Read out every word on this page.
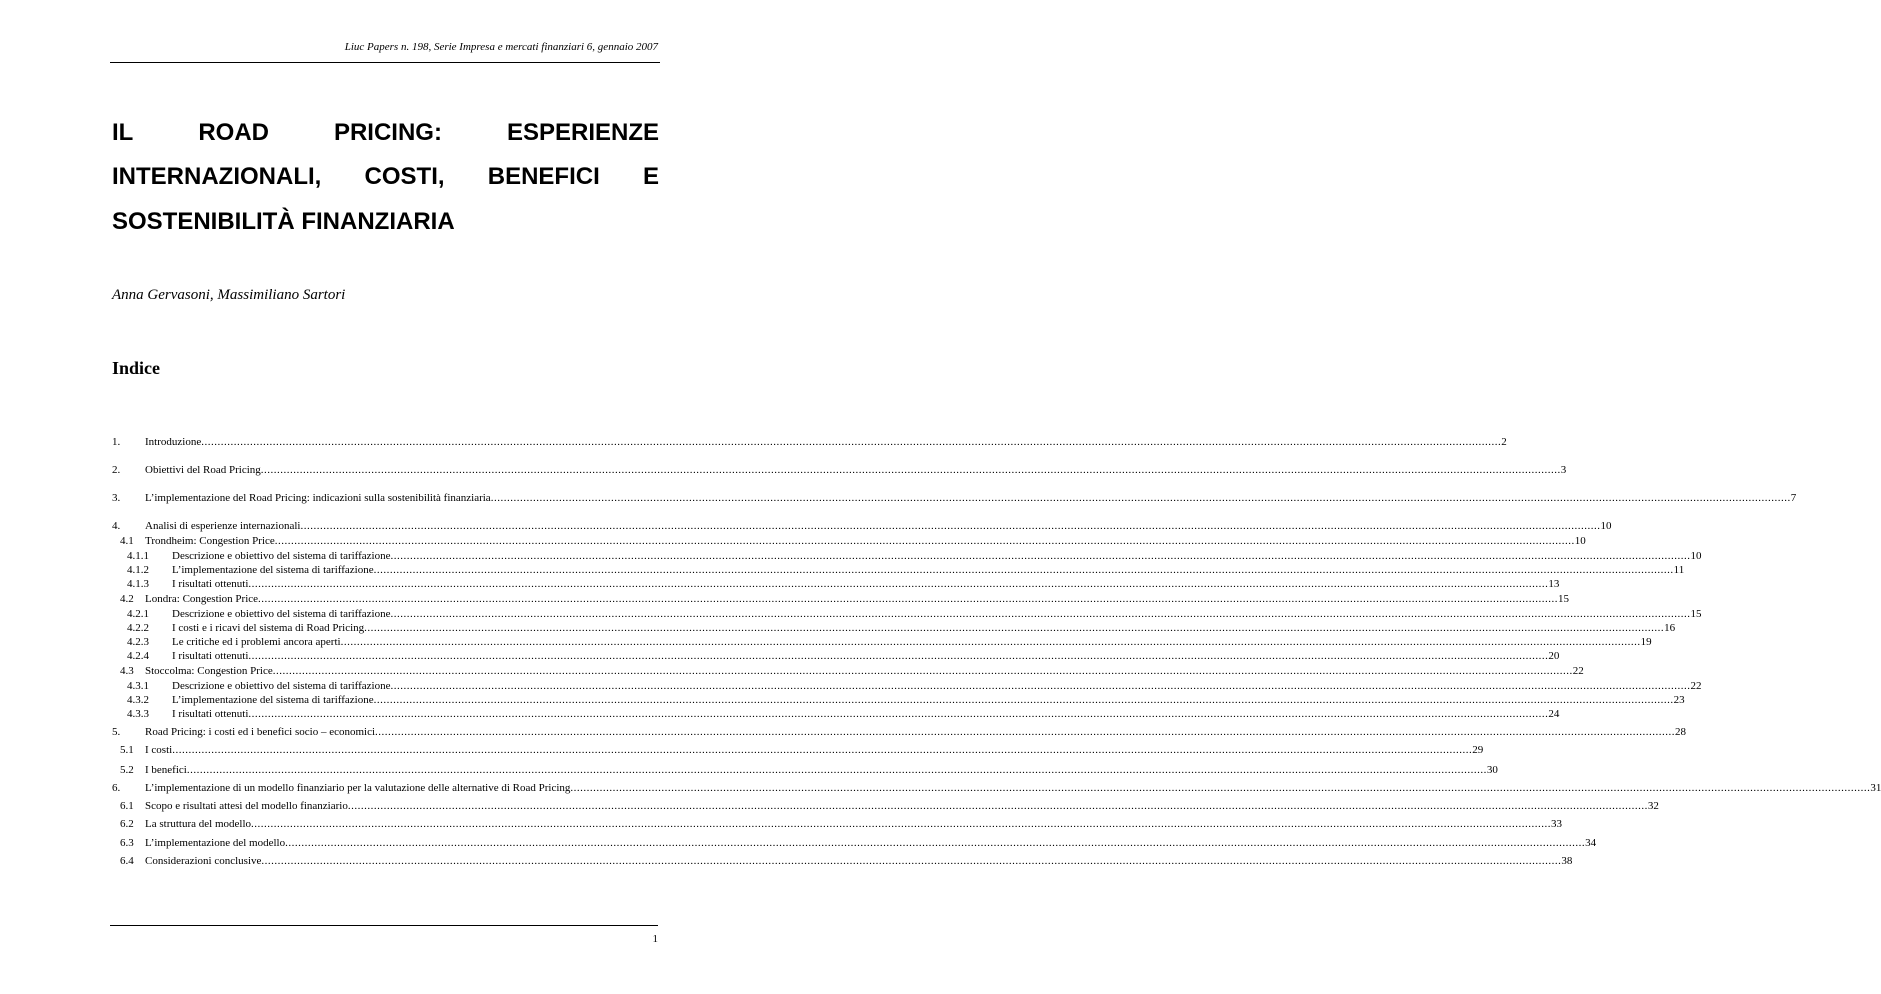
Liuc Papers n. 198, Serie Impresa e mercati finanziari 6, gennaio 2007
IL	ROAD	PRICING:	ESPERIENZE
INTERNAZIONALI, COSTI, BENEFICI E
SOSTENIBILITÀ FINANZIARIA
Anna Gervasoni, Massimiliano Sartori
Indice
1. Introduzione ................................................................................................................................................................................................................................................................................................................................................................................................................ 2
2. Obiettivi del Road Pricing ................................................................................................................................................................................................................................................................................................................................................................................................................ 3
3. L’implementazione del Road Pricing: indicazioni sulla sostenibilità finanziaria ................................................................................................................................................................................................................................................................................................................................................................................................................ 7
4. Analisi di esperienze internazionali ................................................................................................................................................................................................................................................................................................................................................................................................................ 10
4.1 Trondheim: Congestion Price ................................................................................................................................................................................................................................................................................................................................................................................................................ 10
4.1.1 Descrizione e obiettivo del sistema di tariffazione ................................................................................................................................................................................................................................................................................................................................................................................................................ 10
4.1.2 L’implementazione del sistema di tariffazione ................................................................................................................................................................................................................................................................................................................................................................................................................ 11
4.1.3 I risultati ottenuti ................................................................................................................................................................................................................................................................................................................................................................................................................ 13
4.2 Londra: Congestion Price ................................................................................................................................................................................................................................................................................................................................................................................................................ 15
4.2.1 Descrizione e obiettivo del sistema di tariffazione ................................................................................................................................................................................................................................................................................................................................................................................................................ 15
4.2.2 I costi e i ricavi del sistema di Road Pricing ................................................................................................................................................................................................................................................................................................................................................................................................................ 16
4.2.3 Le critiche ed i problemi ancora aperti ................................................................................................................................................................................................................................................................................................................................................................................................................ 19
4.2.4 I risultati ottenuti ................................................................................................................................................................................................................................................................................................................................................................................................................ 20
4.3 Stoccolma: Congestion Price ................................................................................................................................................................................................................................................................................................................................................................................................................ 22
4.3.1 Descrizione e obiettivo del sistema di tariffazione ................................................................................................................................................................................................................................................................................................................................................................................................................ 22
4.3.2 L’implementazione del sistema di tariffazione ................................................................................................................................................................................................................................................................................................................................................................................................................ 23
4.3.3 I risultati ottenuti ................................................................................................................................................................................................................................................................................................................................................................................................................ 24
5. Road Pricing: i costi ed i benefici socio – economici ................................................................................................................................................................................................................................................................................................................................................................................................................ 28
5.1 I costi ................................................................................................................................................................................................................................................................................................................................................................................................................ 29
5.2 I benefici ................................................................................................................................................................................................................................................................................................................................................................................................................ 30
6. L’implementazione di un modello finanziario per la valutazione delle alternative di Road Pricing ................................................................................................................................................................................................................................................................................................................................................................................................................ 31
6.1 Scopo e risultati attesi del modello finanziario ................................................................................................................................................................................................................................................................................................................................................................................................................ 32
6.2 La struttura del modello ................................................................................................................................................................................................................................................................................................................................................................................................................ 33
6.3 L’implementazione del modello ................................................................................................................................................................................................................................................................................................................................................................................................................ 34
6.4 Considerazioni conclusive ................................................................................................................................................................................................................................................................................................................................................................................................................ 38
1
